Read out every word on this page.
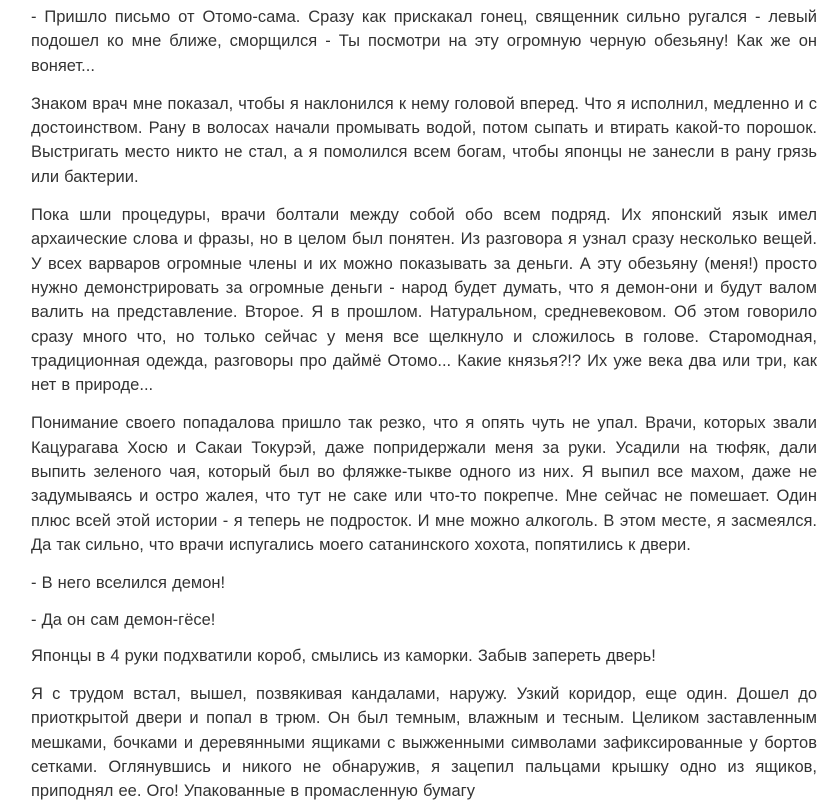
- Пришло письмо от Отомо-сама. Сразу как прискакал гонец, священник сильно ругался - левый подошел ко мне ближе, сморщился - Ты посмотри на эту огромную черную обезьяну! Как же он воняет...

Знаком врач мне показал, чтобы я наклонился к нему головой вперед. Что я исполнил, медленно и с достоинством. Рану в волосах начали промывать водой, потом сыпать и втирать какой-то порошок. Выстригать место никто не стал, а я помолился всем богам, чтобы японцы не занесли в рану грязь или бактерии.

Пока шли процедуры, врачи болтали между собой обо всем подряд. Их японский язык имел архаические слова и фразы, но в целом был понятен. Из разговора я узнал сразу несколько вещей. У всех варваров огромные члены и их можно показывать за деньги. А эту обезьяну (меня!) просто нужно демонстрировать за огромные деньги - народ будет думать, что я демон-они и будут валом валить на представление. Второе. Я в прошлом. Натуральном, средневековом. Об этом говорило сразу много что, но только сейчас у меня все щелкнуло и сложилось в голове. Старомодная, традиционная одежда, разговоры про даймё Отомо... Какие князья?!? Их уже века два или три, как нет в природе...

Понимание своего попадалова пришло так резко, что я опять чуть не упал. Врачи, которых звали Кацурагава Хосю и Сакаи Токурэй, даже попридержали меня за руки. Усадили на тюфяк, дали выпить зеленого чая, который был во фляжке-тыкве одного из них. Я выпил все махом, даже не задумываясь и остро жалея, что тут не саке или что-то покрепче. Мне сейчас не помешает. Один плюс всей этой истории - я теперь не подросток. И мне можно алкоголь. В этом месте, я засмеялся. Да так сильно, что врачи испугались моего сатанинского хохота, попятились к двери.

- В него вселился демон!

- Да он сам демон-гёсе!

Японцы в 4 руки подхватили короб, смылись из каморки. Забыв запереть дверь!

Я с трудом встал, вышел, позвякивая кандалами, наружу. Узкий коридор, еще один. Дошел до приоткрытой двери и попал в трюм. Он был темным, влажным и тесным. Целиком заставленным мешками, бочками и деревянными ящиками с выжженными символами зафиксированные у бортов сетками. Оглянувшись и никого не обнаружив, я зацепил пальцами крышку одно из ящиков, приподнял ее. Ого! Упакованные в промасленную бумагу
